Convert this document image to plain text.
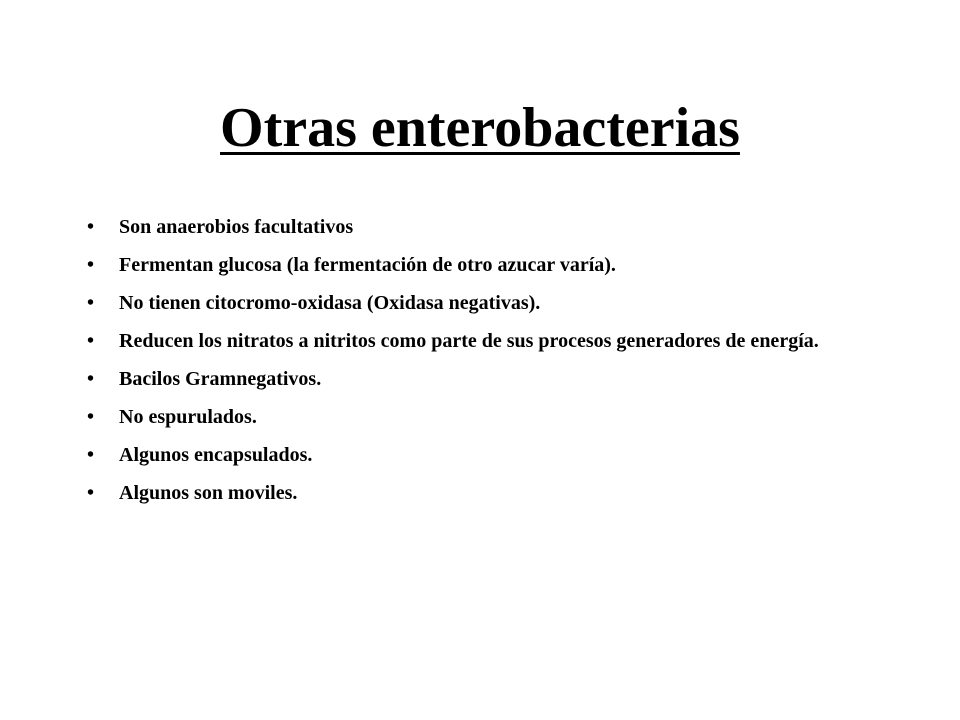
Otras enterobacterias
• Son anaerobios facultativos
• Fermentan glucosa (la fermentación de otro azucar varía).
• No tienen citocromo-oxidasa (Oxidasa negativas).
• Reducen los nitratos a nitritos como parte de sus procesos generadores de energía.
• Bacilos Gramnegativos.
• No espurulados.
• Algunos encapsulados.
• Algunos son moviles.
